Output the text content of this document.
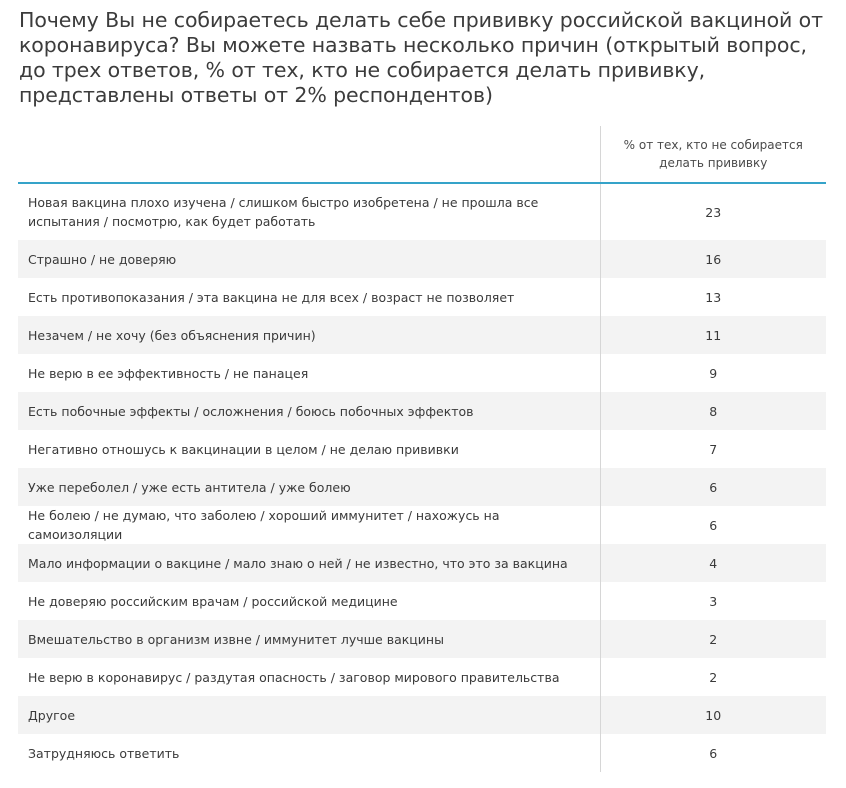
Почему Вы не собираетесь делать себе прививку российской вакциной от коронавируса? Вы можете назвать несколько причин (открытый вопрос, до трех ответов, % от тех, кто не собирается делать прививку, представлены ответы от 2% респондентов)
	% от тех, кто не собирается делать прививку
Новая вакцина плохо изучена / слишком быстро изобретена / не прошла все испытания / посмотрю, как будет работать	23
Страшно / не доверяю	16
Есть противопоказания / эта вакцина не для всех / возраст не позволяет	13
Незачем / не хочу (без объяснения причин)	11
Не верю в ее эффективность / не панацея	9
Есть побочные эффекты / осложнения / боюсь побочных эффектов	8
Негативно отношусь к вакцинации в целом / не делаю прививки	7
Уже переболел / уже есть антитела / уже болею	6
Не болею / не думаю, что заболею / хороший иммунитет / нахожусь на самоизоляции	6
Мало информации о вакцине / мало знаю о ней / не известно, что это за вакцина	4
Не доверяю российским врачам / российской медицине	3
Вмешательство в организм извне / иммунитет лучше вакцины	2
Не верю в коронавирус / раздутая опасность / заговор мирового правительства	2
Другое	10
Затрудняюсь ответить	6
